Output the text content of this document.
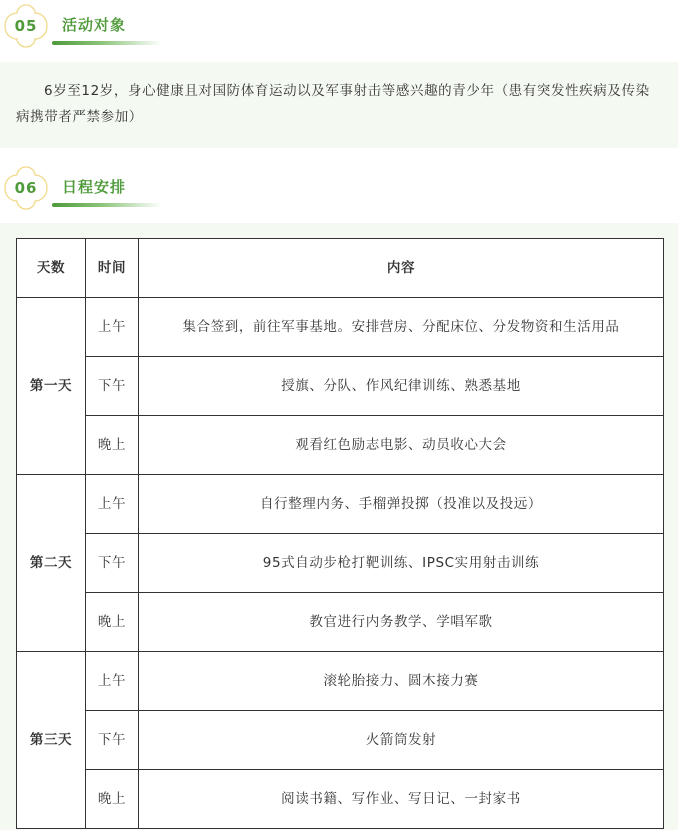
05	活动对象
6岁至12岁，身心健康且对国防体育运动以及军事射击等感兴趣的青少年（患有突发性疾病及传染病携带者严禁参加）
06	日程安排
天数	时间	内容
第一天	上午	集合签到，前往军事基地。安排营房、分配床位、分发物资和生活用品
	下午	授旗、分队、作风纪律训练、熟悉基地
	晚上	观看红色励志电影、动员收心大会
第二天	上午	自行整理内务、手榴弹投掷（投准以及投远）
	下午	95式自动步枪打靶训练、IPSC实用射击训练
	晚上	教官进行内务教学、学唱军歌
第三天	上午	滚轮胎接力、圆木接力赛
	下午	火箭筒发射
	晚上	阅读书籍、写作业、写日记、一封家书
